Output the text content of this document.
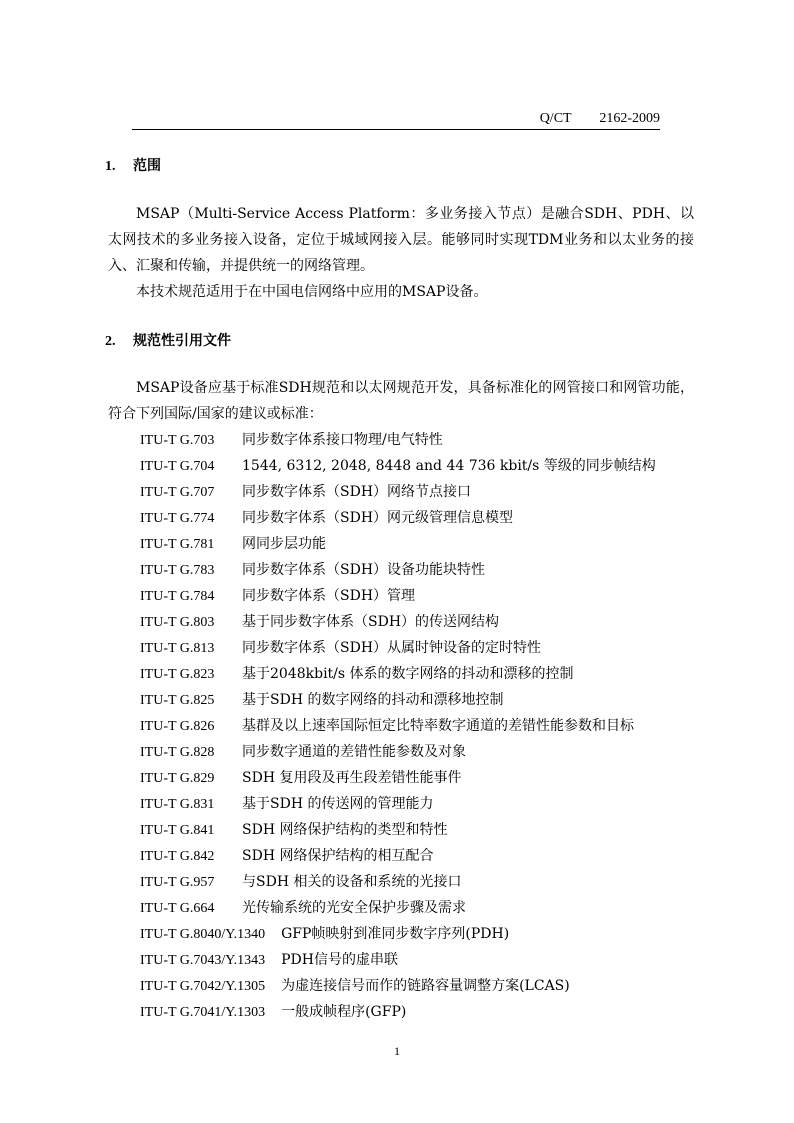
Q/CT        2162-2009
1. 范围

MSAP（Multi-Service Access Platform：多业务接入节点）是融合SDH、PDH、以太网技术的多业务接入设备，定位于城域网接入层。能够同时实现TDM业务和以太业务的接入、汇聚和传输，并提供统一的网络管理。

本技术规范适用于在中国电信网络中应用的MSAP设备。

2. 规范性引用文件

MSAP设备应基于标准SDH规范和以太网规范开发，具备标准化的网管接口和网管功能，符合下列国际/国家的建议或标准：

ITU-T G.703 同步数字体系接口物理/电气特性
ITU-T G.704 1544, 6312, 2048, 8448 and 44 736 kbit/s 等级的同步帧结构
ITU-T G.707 同步数字体系（SDH）网络节点接口
ITU-T G.774 同步数字体系（SDH）网元级管理信息模型
ITU-T G.781 网同步层功能
ITU-T G.783 同步数字体系（SDH）设备功能块特性
ITU-T G.784 同步数字体系（SDH）管理
ITU-T G.803 基于同步数字体系（SDH）的传送网结构
ITU-T G.813 同步数字体系（SDH）从属时钟设备的定时特性
ITU-T G.823 基于2048kbit/s 体系的数字网络的抖动和漂移的控制
ITU-T G.825 基于SDH 的数字网络的抖动和漂移地控制
ITU-T G.826 基群及以上速率国际恒定比特率数字通道的差错性能参数和目标
ITU-T G.828 同步数字通道的差错性能参数及对象
ITU-T G.829 SDH 复用段及再生段差错性能事件
ITU-T G.831 基于SDH 的传送网的管理能力
ITU-T G.841 SDH 网络保护结构的类型和特性
ITU-T G.842 SDH 网络保护结构的相互配合
ITU-T G.957 与SDH 相关的设备和系统的光接口
ITU-T G.664 光传输系统的光安全保护步骤及需求
ITU-T G.8040/Y.1340 GFP帧映射到准同步数字序列(PDH)
ITU-T G.7043/Y.1343 PDH信号的虚串联
ITU-T G.7042/Y.1305 为虚连接信号而作的链路容量调整方案(LCAS)
ITU-T G.7041/Y.1303 一般成帧程序(GFP)
1
